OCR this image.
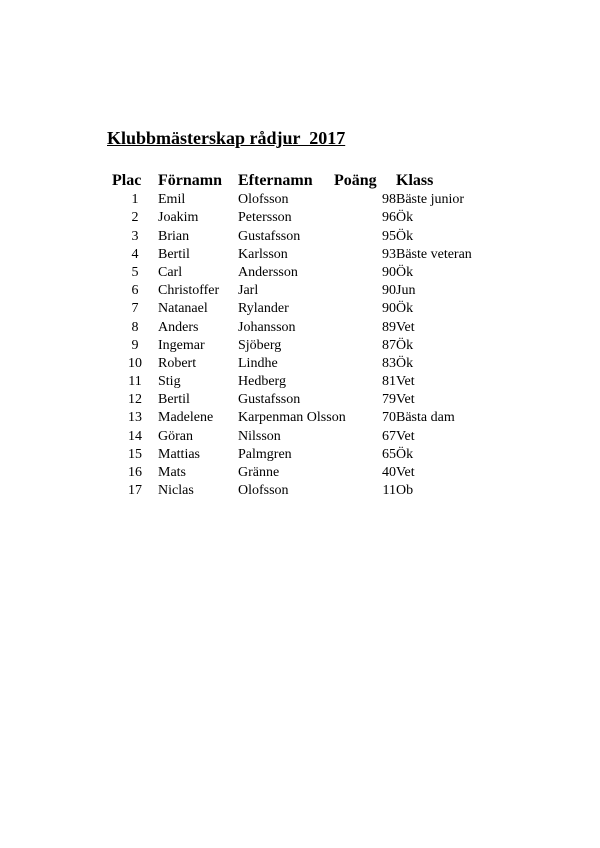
Klubbmästerskap rådjur  2017
Plac	Förnamn	Efternamn	Poäng	Klass
1	Emil	Olofsson	98	Bäste junior
2	Joakim	Petersson	96	Ök
3	Brian	Gustafsson	95	Ök
4	Bertil	Karlsson	93	Bäste veteran
5	Carl	Andersson	90	Ök
6	Christoffer	Jarl	90	Jun
7	Natanael	Rylander	90	Ök
8	Anders	Johansson	89	Vet
9	Ingemar	Sjöberg	87	Ök
10	Robert	Lindhe	83	Ök
11	Stig	Hedberg	81	Vet
12	Bertil	Gustafsson	79	Vet
13	Madelene	Karpenman Olsson	70	Bästa dam
14	Göran	Nilsson	67	Vet
15	Mattias	Palmgren	65	Ök
16	Mats	Gränne	40	Vet
17	Niclas	Olofsson	11	Ob
